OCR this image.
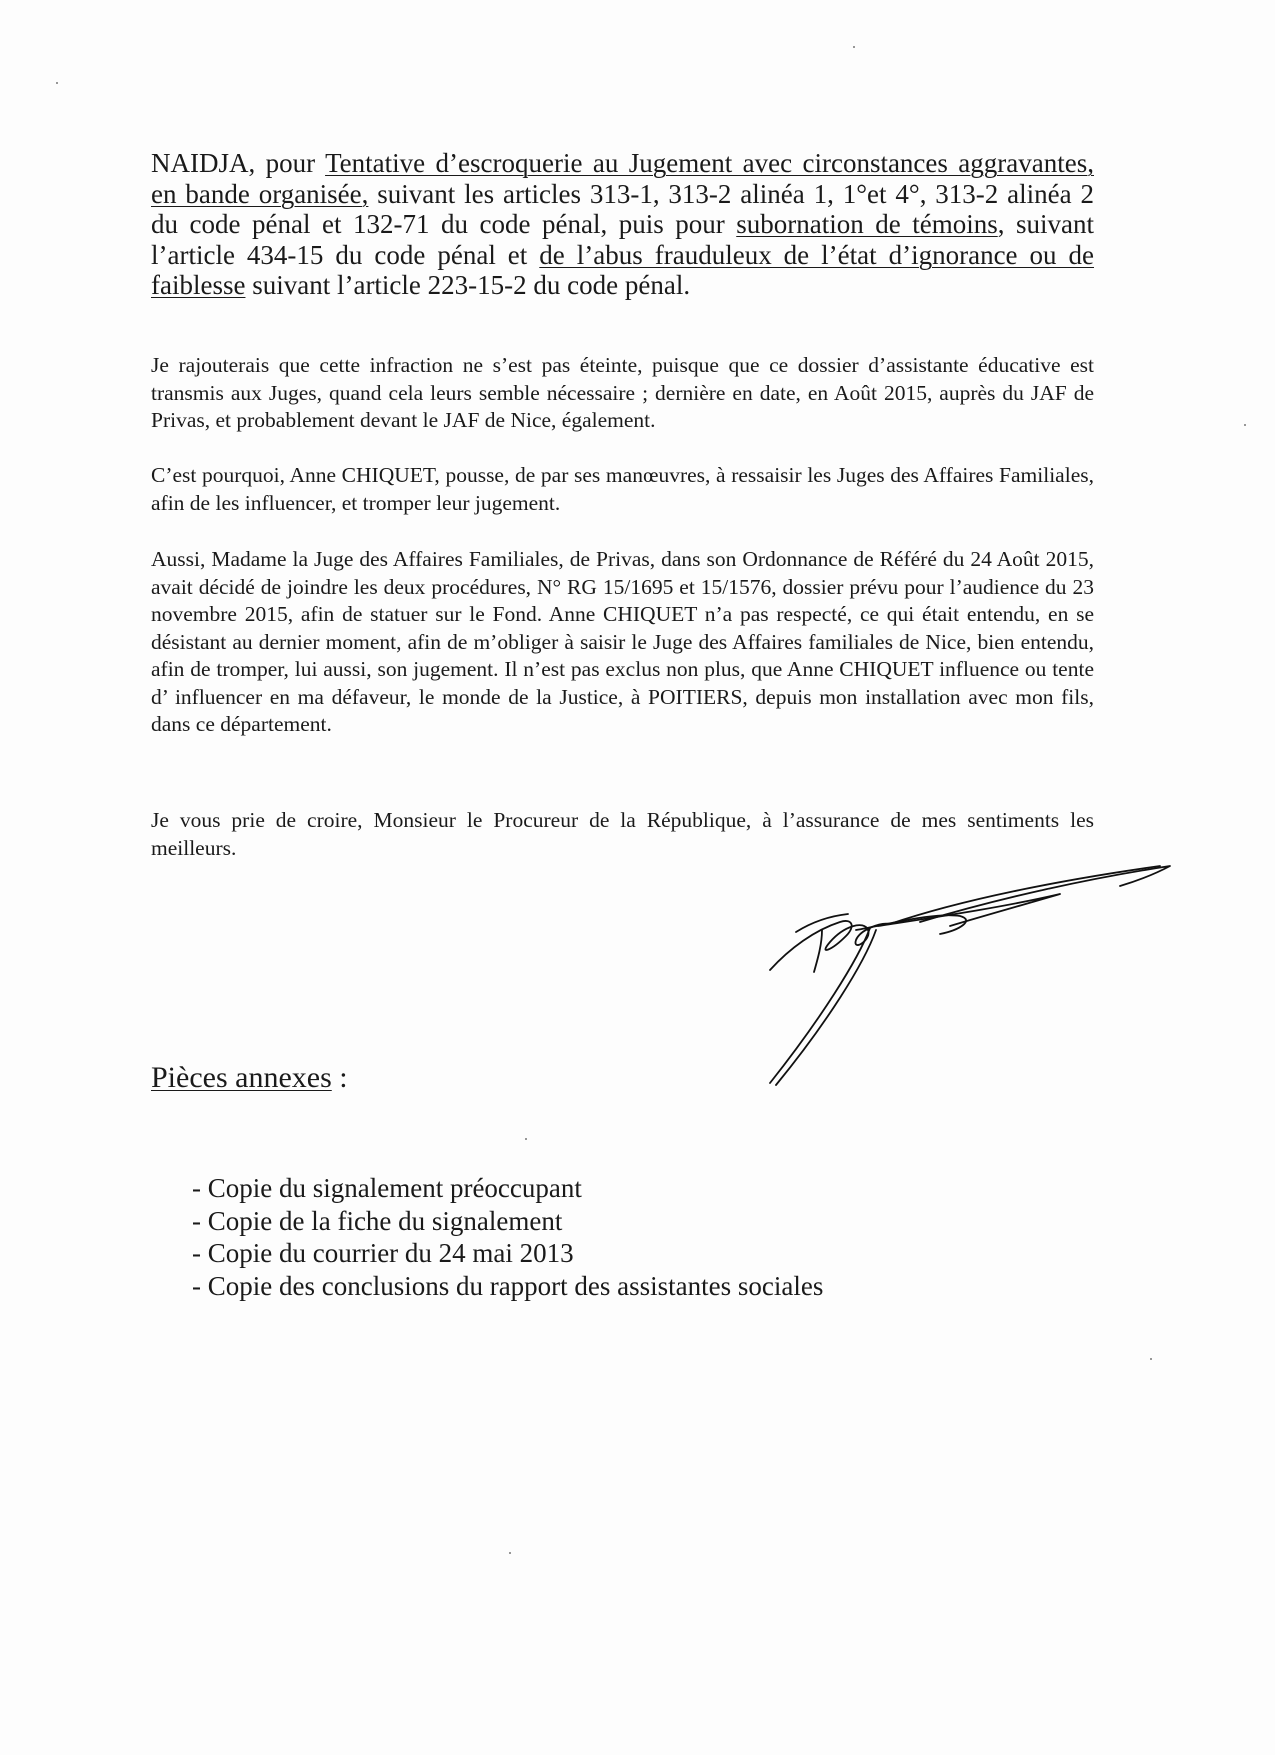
NAIDJA, pour Tentative d’escroquerie au Jugement avec circonstances aggravantes, en bande organisée, suivant les articles 313-1, 313-2 alinéa 1, 1°et 4°, 313-2 alinéa 2 du code pénal et 132-71 du code pénal, puis pour subornation de témoins, suivant l’article 434-15 du code pénal et de l’abus frauduleux de l’état d’ignorance ou de faiblesse suivant l’article 223-15-2 du code pénal.

Je rajouterais que cette infraction ne s’est pas éteinte, puisque que ce dossier d’assistante éducative est transmis aux Juges, quand cela leurs semble nécessaire ; dernière en date, en Août 2015, auprès du JAF de Privas, et probablement devant le JAF de Nice, également.

C’est pourquoi, Anne CHIQUET, pousse, de par ses manœuvres, à ressaisir les Juges des Affaires Familiales, afin de les influencer, et tromper leur jugement.

Aussi, Madame la Juge des Affaires Familiales, de Privas, dans son Ordonnance de Référé du 24 Août 2015, avait décidé de joindre les deux procédures, N° RG 15/1695 et 15/1576, dossier prévu pour l’audience du 23 novembre 2015, afin de statuer sur le Fond. Anne CHIQUET n’a pas respecté, ce qui était entendu, en se désistant au dernier moment, afin de m’obliger à saisir le Juge des Affaires familiales de Nice, bien entendu, afin de tromper, lui aussi, son jugement. Il n’est pas exclus non plus, que Anne CHIQUET influence ou tente d’ influencer en ma défaveur, le monde de la Justice, à POITIERS, depuis mon installation avec mon fils, dans ce département.

Je vous prie de croire, Monsieur le Procureur de la République, à l’assurance de mes sentiments les meilleurs.

Pièces annexes :

- Copie du signalement préoccupant
- Copie de la fiche du signalement
- Copie du courrier du 24 mai 2013
- Copie des conclusions du rapport des assistantes sociales
